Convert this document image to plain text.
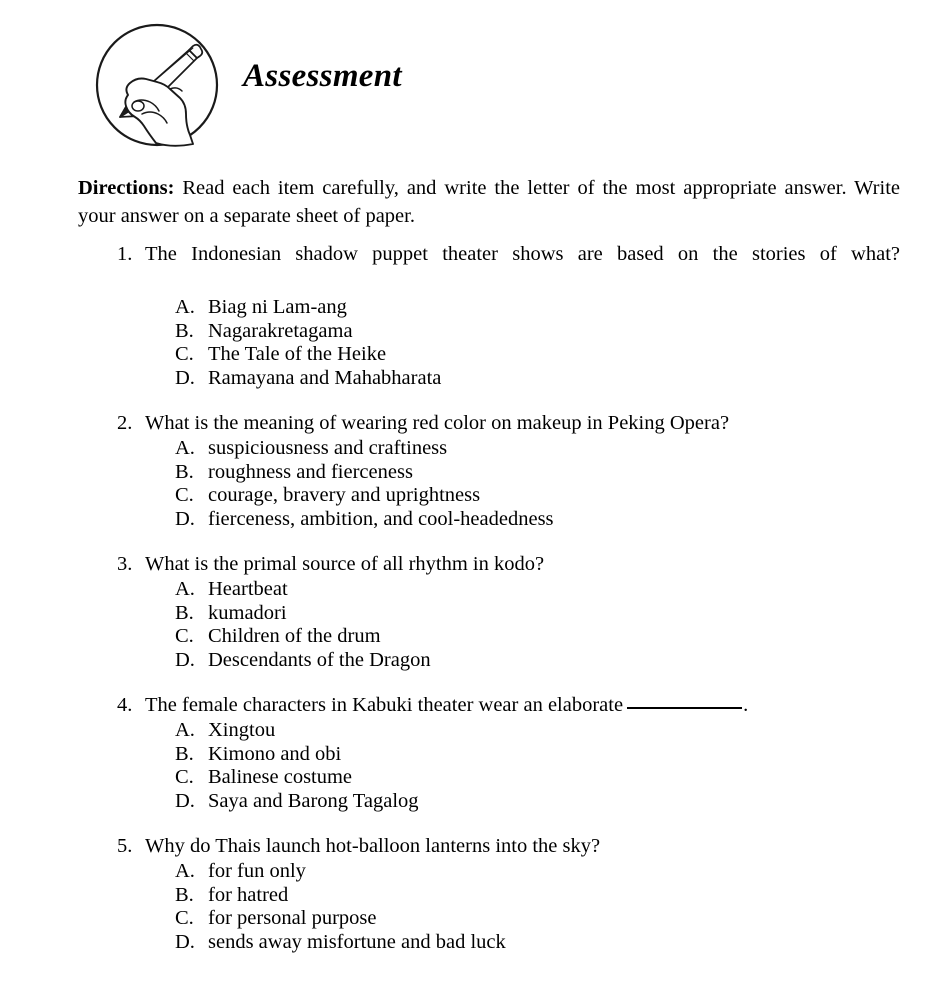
Assessment
Directions: Read each item carefully, and write the letter of the most appropriate answer. Write your answer on a separate sheet of paper.
1. The Indonesian shadow puppet theater shows are based on the stories of what?
A. Biag ni Lam-ang
B. Nagarakretagama
C. The Tale of the Heike
D. Ramayana and Mahabharata
2. What is the meaning of wearing red color on makeup in Peking Opera?
A. suspiciousness and craftiness
B. roughness and fierceness
C. courage, bravery and uprightness
D. fierceness, ambition, and cool-headedness
3. What is the primal source of all rhythm in kodo?
A. Heartbeat
B. kumadori
C. Children of the drum
D. Descendants of the Dragon
4. The female characters in Kabuki theater wear an elaborate	.
A. Xingtou
B. Kimono and obi
C. Balinese costume
D. Saya and Barong Tagalog
5. Why do Thais launch hot-balloon lanterns into the sky?
A. for fun only
B. for hatred
C. for personal purpose
D. sends away misfortune and bad luck
